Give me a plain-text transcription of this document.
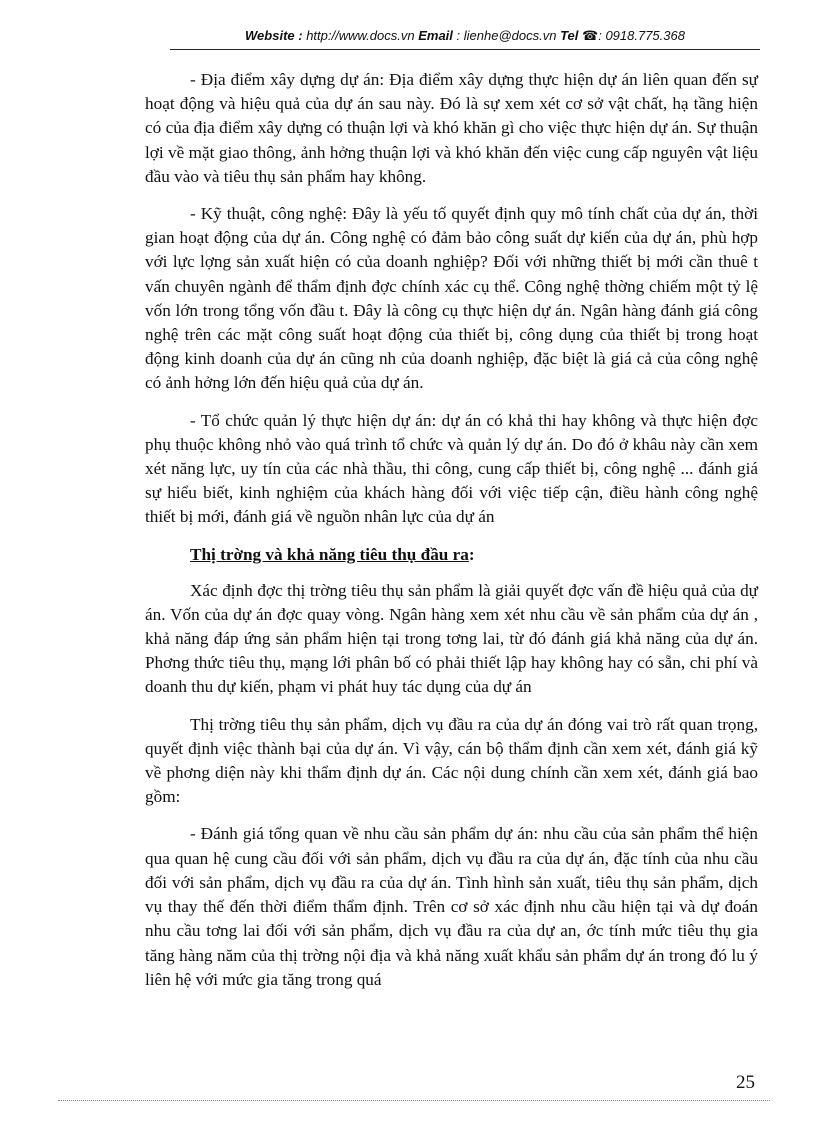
Website : http://www.docs.vn Email : lienhe@docs.vn Tel ☎: 0918.775.368

- Địa điểm xây dựng dự án: Địa điểm xây dựng thực hiện dự án liên quan đến sự hoạt động và hiệu quả của dự án sau này. Đó là sự xem xét cơ sở vật chất, hạ tầng hiện có của địa điểm xây dựng có thuận lợi và khó khăn gì cho việc thực hiện dự án. Sự thuận lợi về mặt giao thông, ảnh hởng thuận lợi và khó khăn đến việc cung cấp nguyên vật liệu đầu vào và tiêu thụ sản phẩm hay không.

- Kỹ thuật, công nghệ: Đây là yếu tố quyết định quy mô tính chất của dự án, thời gian hoạt động của dự án. Công nghệ có đảm bảo công suất dự kiến của dự án, phù hợp với lực lợng sản xuất hiện có của doanh nghiệp? Đối với những thiết bị mới cần thuê t vấn chuyên ngành để thẩm định đợc chính xác cụ thể. Công nghệ thờng chiếm một tỷ lệ vốn lớn trong tổng vốn đầu t. Đây là công cụ thực hiện dự án. Ngân hàng đánh giá công nghệ trên các mặt công suất hoạt động của thiết bị, công dụng của thiết bị trong hoạt động kinh doanh của dự án cũng nh của doanh nghiệp, đặc biệt là giá cả của công nghệ có ảnh hởng lớn đến hiệu quả của dự án.

- Tổ chức quản lý thực hiện dự án: dự án có khả thi hay không và thực hiện đợc phụ thuộc không nhỏ vào quá trình tổ chức và quản lý dự án. Do đó ở khâu này cần xem xét năng lực, uy tín của các nhà thầu, thi công, cung cấp thiết bị, công nghệ ... đánh giá sự hiểu biết, kinh nghiệm của khách hàng đối với việc tiếp cận, điều hành công nghệ thiết bị mới, đánh giá về nguồn nhân lực của dự án

Thị trờng và khả năng tiêu thụ đầu ra:

Xác định đợc thị trờng tiêu thụ sản phẩm là giải quyết đợc vấn đề hiệu quả của dự án. Vốn của dự án đợc quay vòng. Ngân hàng xem xét nhu cầu về sản phẩm của dự án , khả năng đáp ứng sản phẩm hiện tại trong tơng lai, từ đó đánh giá khả năng của dự án. Phơng thức tiêu thụ, mạng lới phân bố có phải thiết lập hay không hay có sẵn, chi phí và doanh thu dự kiến, phạm vi phát huy tác dụng của dự án

Thị trờng tiêu thụ sản phẩm, dịch vụ đầu ra của dự án đóng vai trò rất quan trọng, quyết định việc thành bại của dự án. Vì vậy, cán bộ thẩm định cần xem xét, đánh giá kỹ về phơng diện này khi thẩm định dự án. Các nội dung chính cần xem xét, đánh giá bao gồm:

- Đánh giá tổng quan về nhu cầu sản phẩm dự án: nhu cầu của sản phẩm thể hiện qua quan hệ cung cầu đối với sản phẩm, dịch vụ đầu ra của dự án, đặc tính của nhu cầu đối với sản phẩm, dịch vụ đầu ra của dự án. Tình hình sản xuất, tiêu thụ sản phẩm, dịch vụ thay thế đến thời điểm thẩm định. Trên cơ sở xác định nhu cầu hiện tại và dự đoán nhu cầu tơng lai đối với sản phẩm, dịch vụ đầu ra của dự an, ớc tính mức tiêu thụ gia tăng hàng năm của thị trờng nội địa và khả năng xuất khẩu sản phẩm dự án trong đó lu ý liên hệ với mức gia tăng trong quá

25
